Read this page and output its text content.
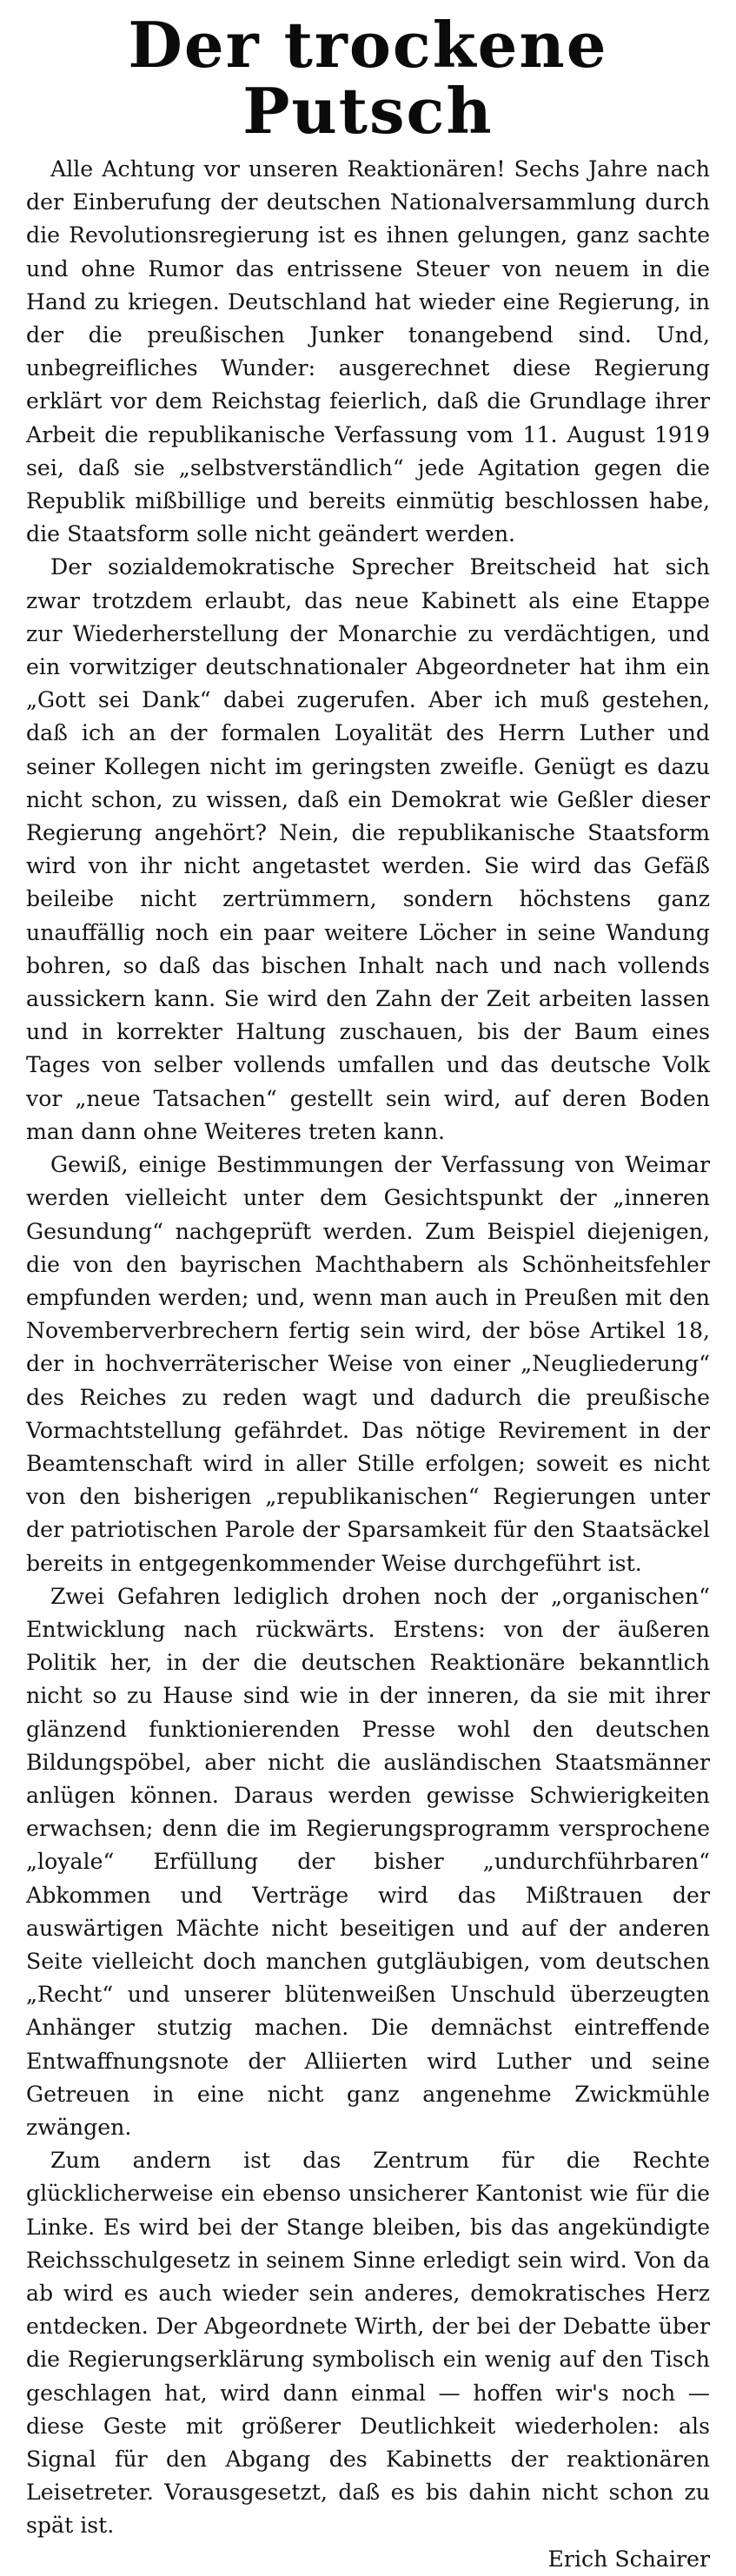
Der trockene Putsch

Alle Achtung vor unseren Reaktionären! Sechs Jahre nach der Einberufung der deutschen Nationalversammlung durch die Revolutionsregierung ist es ihnen gelungen, ganz sachte und ohne Rumor das entrissene Steuer von neuem in die Hand zu kriegen. Deutschland hat wieder eine Regierung, in der die preußischen Junker tonangebend sind. Und, unbegreifliches Wunder: ausgerechnet diese Regierung erklärt vor dem Reichstag feierlich, daß die Grundlage ihrer Arbeit die republikanische Verfassung vom 11. August 1919 sei, daß sie „selbstverständlich“ jede Agitation gegen die Republik mißbillige und bereits einmütig beschlossen habe, die Staatsform solle nicht geändert werden.

Der sozialdemokratische Sprecher Breitscheid hat sich zwar trotzdem erlaubt, das neue Kabinett als eine Etappe zur Wiederherstellung der Monarchie zu verdächtigen, und ein vorwitziger deutschnationaler Abgeordneter hat ihm ein „Gott sei Dank“ dabei zugerufen. Aber ich muß gestehen, daß ich an der formalen Loyalität des Herrn Luther und seiner Kollegen nicht im geringsten zweifle. Genügt es dazu nicht schon, zu wissen, daß ein Demokrat wie Geßler dieser Regierung angehört? Nein, die republikanische Staatsform wird von ihr nicht angetastet werden. Sie wird das Gefäß beileibe nicht zertrümmern, sondern höchstens ganz unauffällig noch ein paar weitere Löcher in seine Wandung bohren, so daß das bischen Inhalt nach und nach vollends aussickern kann. Sie wird den Zahn der Zeit arbeiten lassen und in korrekter Haltung zuschauen, bis der Baum eines Tages von selber vollends umfallen und das deutsche Volk vor „neue Tatsachen“ gestellt sein wird, auf deren Boden man dann ohne Weiteres treten kann.

Gewiß, einige Bestimmungen der Verfassung von Weimar werden vielleicht unter dem Gesichtspunkt der „inneren Gesundung“ nachgeprüft werden. Zum Beispiel diejenigen, die von den bayrischen Machthabern als Schönheitsfehler empfunden werden; und, wenn man auch in Preußen mit den Novemberverbrechern fertig sein wird, der böse Artikel 18, der in hochverräterischer Weise von einer „Neugliederung“ des Reiches zu reden wagt und dadurch die preußische Vormachtstellung gefährdet. Das nötige Revirement in der Beamtenschaft wird in aller Stille erfolgen; soweit es nicht von den bisherigen „republikanischen“ Regierungen unter der patriotischen Parole der Sparsamkeit für den Staatsäckel bereits in entgegenkommender Weise durchgeführt ist.

Zwei Gefahren lediglich drohen noch der „organischen“ Entwicklung nach rückwärts. Erstens: von der äußeren Politik her, in der die deutschen Reaktionäre bekanntlich nicht so zu Hause sind wie in der inneren, da sie mit ihrer glänzend funktionierenden Presse wohl den deutschen Bildungspöbel, aber nicht die ausländischen Staatsmänner anlügen können. Daraus werden gewisse Schwierigkeiten erwachsen; denn die im Regierungsprogramm versprochene „loyale“ Erfüllung der bisher „undurchführbaren“ Abkommen und Verträge wird das Mißtrauen der auswärtigen Mächte nicht beseitigen und auf der anderen Seite vielleicht doch manchen gutgläubigen, vom deutschen „Recht“ und unserer blütenweißen Unschuld überzeugten Anhänger stutzig machen. Die demnächst eintreffende Entwaffnungsnote der Alliierten wird Luther und seine Getreuen in eine nicht ganz angenehme Zwickmühle zwängen.

Zum andern ist das Zentrum für die Rechte glücklicherweise ein ebenso unsicherer Kantonist wie für die Linke. Es wird bei der Stange bleiben, bis das angekündigte Reichsschulgesetz in seinem Sinne erledigt sein wird. Von da ab wird es auch wieder sein anderes, demokratisches Herz entdecken. Der Abgeordnete Wirth, der bei der Debatte über die Regierungserklärung symbolisch ein wenig auf den Tisch geschlagen hat, wird dann einmal — hoffen wir's noch — diese Geste mit größerer Deutlichkeit wiederholen: als Signal für den Abgang des Kabinetts der reaktionären Leisetreter. Vorausgesetzt, daß es bis dahin nicht schon zu spät ist.

Erich Schairer
